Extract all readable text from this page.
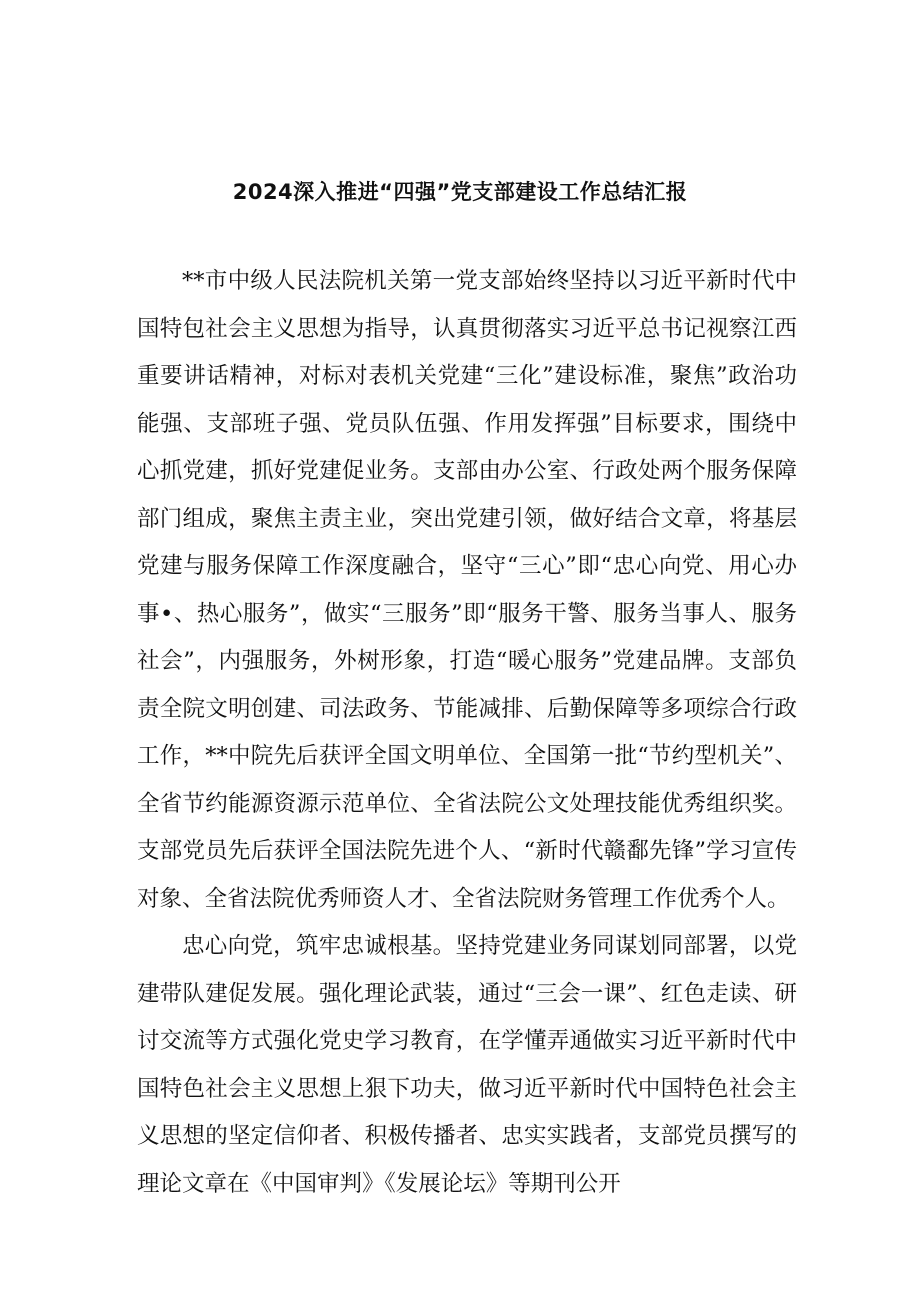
2024深入推进“四强”党支部建设工作总结汇报

**市中级人民法院机关第一党支部始终坚持以习近平新时代中国特包社会主义思想为指导，认真贯彻落实习近平总书记视察江西重要讲话精神，对标对表机关党建“三化”建设标准，聚焦”政治功能强、支部班子强、党员队伍强、作用发挥强”目标要求，围绕中心抓党建，抓好党建促业务。支部由办公室、行政处两个服务保障部门组成，聚焦主责主业，突出党建引领，做好结合文章，将基层党建与服务保障工作深度融合，坚守“三心”即“忠心向党、用心办事•、热心服务”，做实“三服务”即“服务干警、服务当事人、服务社会”，内强服务，外树形象，打造“暖心服务”党建品牌。支部负责全院文明创建、司法政务、节能减排、后勤保障等多项综合行政工作，**中院先后获评全国文明单位、全国第一批“节约型机关”、全省节约能源资源示范单位、全省法院公文处理技能优秀组织奖。支部党员先后获评全国法院先进个人、“新时代赣鄱先锋”学习宣传对象、全省法院优秀师资人才、全省法院财务管理工作优秀个人。

忠心向党，筑牢忠诚根基。坚持党建业务同谋划同部署，以党建带队建促发展。强化理论武装，通过“三会一课”、红色走读、研讨交流等方式强化党史学习教育，在学懂弄通做实习近平新时代中国特色社会主义思想上狠下功夫，做习近平新时代中国特色社会主义思想的坚定信仰者、积极传播者、忠实实践者，支部党员撰写的理论文章在《中国审判》《发展论坛》等期刊公开
